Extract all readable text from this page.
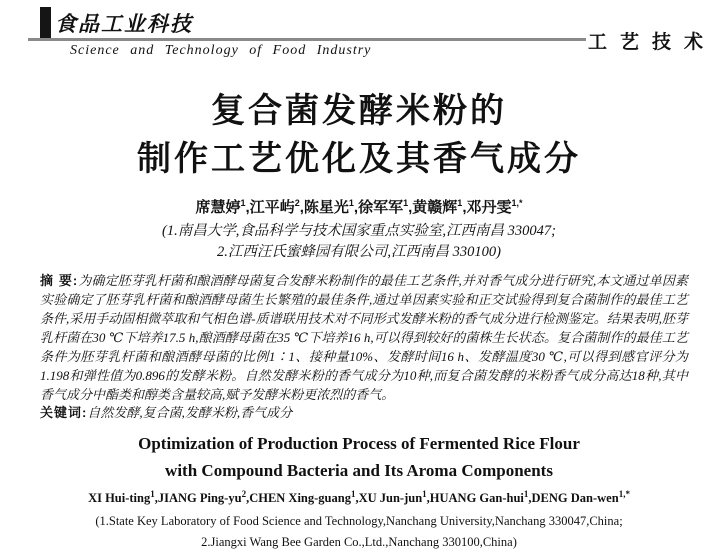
食品工业科技
Science and Technology of Food Industry	工艺技术
复合菌发酵米粉的
制作工艺优化及其香气成分
席慧婷$^1$,江平屿$^2$,陈星光$^1$,徐军军$^1$,黄赣辉$^1$,邓丹雯$^{1,*}$
(1.南昌大学,食品科学与技术国家重点实验室,江西南昌 330047;
2.江西汪氏蜜蜂园有限公司,江西南昌 330100)

摘 要:为确定胚芽乳杆菌和酿酒酵母菌复合发酵米粉制作的最佳工艺条件,并对香气成分进行研究,本文通过单因素实验确定了胚芽乳杆菌和酿酒酵母菌生长繁殖的最佳条件,通过单因素实验和正交试验得到复合菌制作的最佳工艺条件,采用手动固相微萃取和气相色谱-质谱联用技术对不同形式发酵米粉的香气成分进行检测鉴定。结果表明,胚芽乳杆菌在30 ℃下培养17.5 h,酿酒酵母菌在35 ℃下培养16 h,可以得到较好的菌株生长状态。复合菌制作的最佳工艺条件为胚芽乳杆菌和酿酒酵母菌的比例1∶1、接种量10%、发酵时间16 h、发酵温度30 ℃,可以得到感官评分为1.198和弹性值为0.896的发酵米粉。自然发酵米粉的香气成分为10种,而复合菌发酵的米粉香气成分高达18种,其中香气成分中酯类和醇类含量较高,赋予发酵米粉更浓烈的香气。

关键词:自然发酵,复合菌,发酵米粉,香气成分

Optimization of Production Process of Fermented Rice Flour
with Compound Bacteria and Its Aroma Components
XI Hui-ting$^1$,JIANG Ping-$yu^2,CHEN$ Xing-guang$^1$,XU Jun-jun$^1$,HUANG Gan-hui$^1$,DENG Dan-wen$^{1,*}$
(1.State Key Laboratory of Food Science and Technology,Nanchang University,Nanchang 330047,China;
2.Jiangxi Wang Bee Garden Co.,Ltd.,Nanchang 330100,China)
